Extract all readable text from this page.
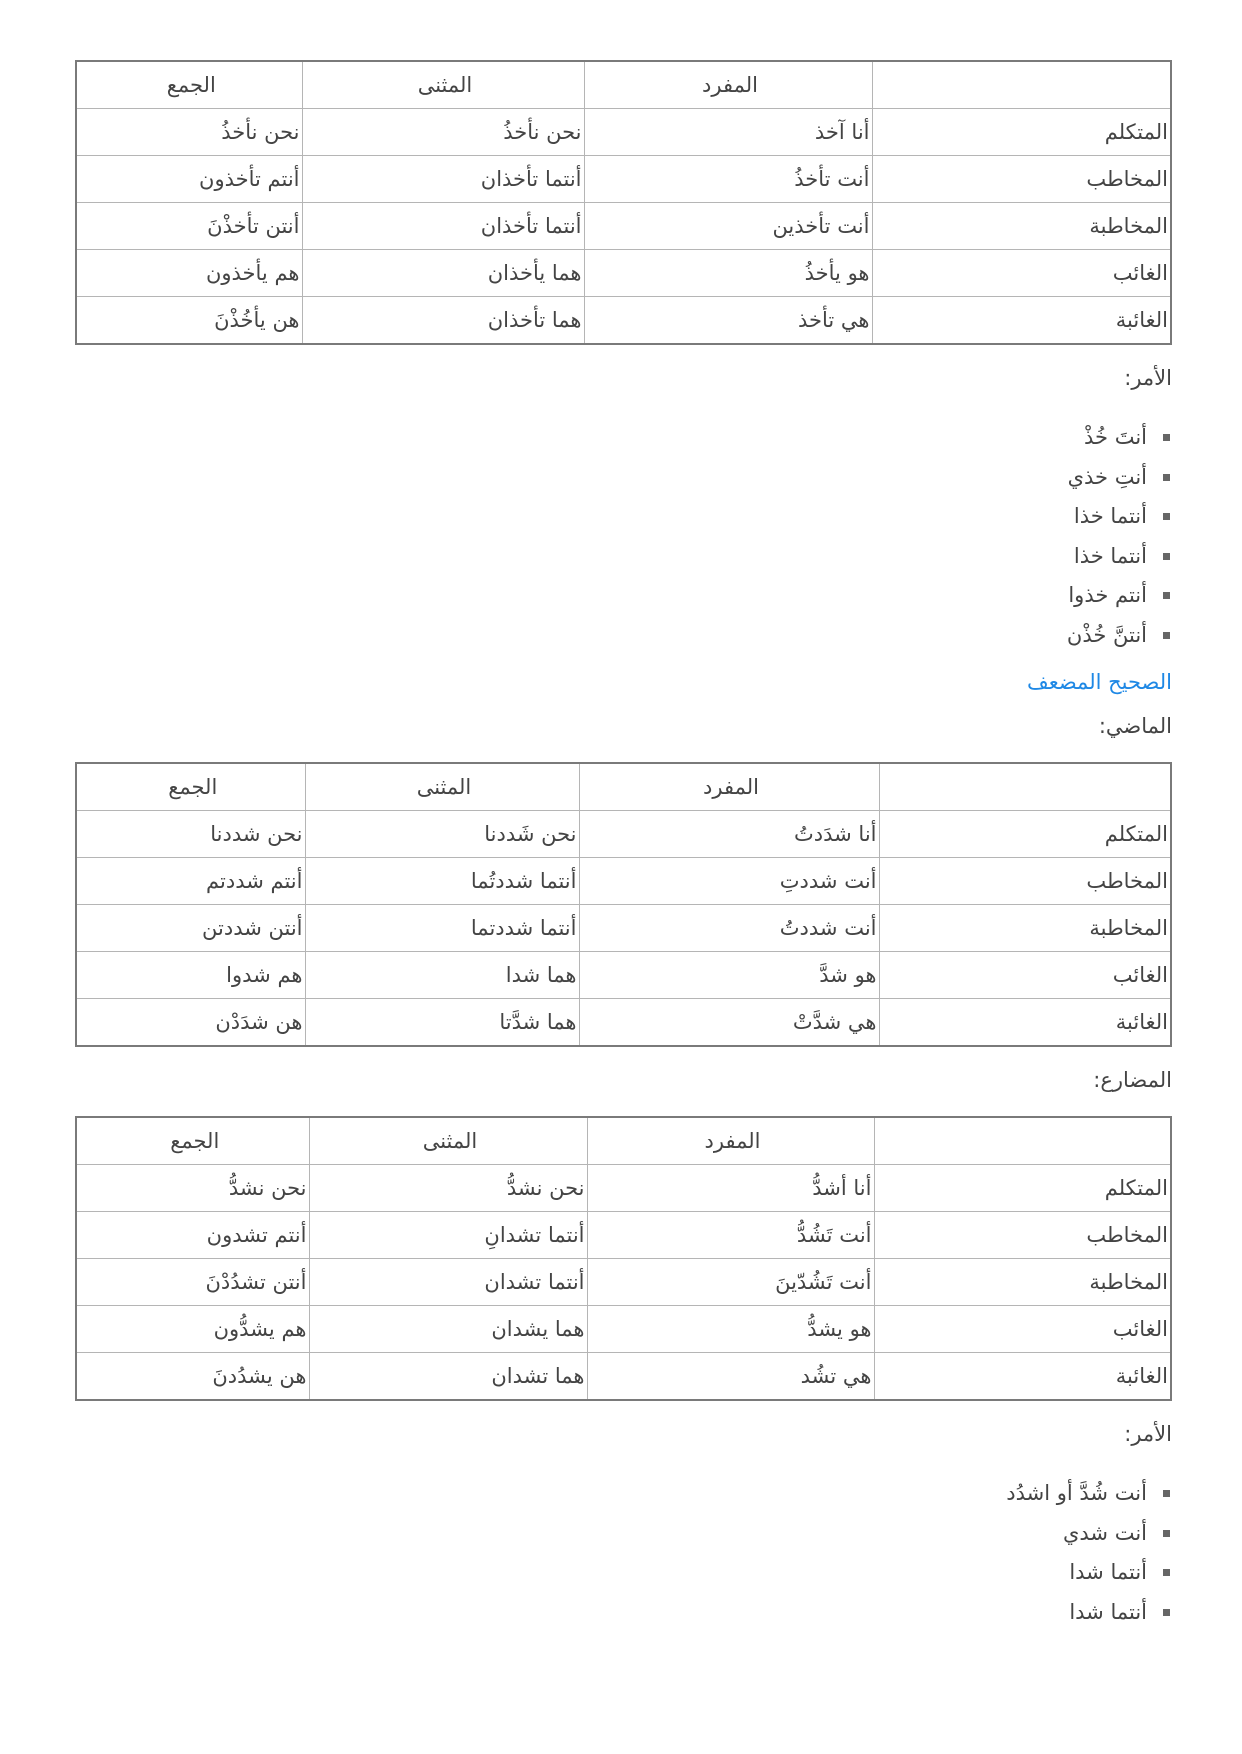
	المفرد	المثنى	الجمع
المتكلم	أنا آخذ	نحن نأخذُ	نحن نأخذُ
المخاطب	أنت تأخذُ	أنتما تأخذان	أنتم تأخذون
المخاطبة	أنت تأخذين	أنتما تأخذان	أنتن تأخذْنَ
الغائب	هو يأخذُ	هما يأخذان	هم يأخذون
الغائبة	هي تأخذ	هما تأخذان	هن يأخُذْنَ
الأمر:
أنتَ خُذْ
أنتِ خذي
أنتما خذا
أنتما خذا
أنتم خذوا
أنتنَّ خُذْن
الصحيح المضعف
الماضي:
	المفرد	المثنى	الجمع
المتكلم	أنا شدَدتُ	نحن شَددنا	نحن شددنا
المخاطب	أنت شددتِ	أنتما شددتُما	أنتم شددتم
المخاطبة	أنت شددتُ	أنتما شددتما	أنتن شددتن
الغائب	هو شدَّ	هما شدا	هم شدوا
الغائبة	هي شدَّتْ	هما شدَّتا	هن شدَدْن
المضارع:
	المفرد	المثنى	الجمع
المتكلم	أنا أشدُّ	نحن نشدُّ	نحن نشدُّ
المخاطب	أنت تَشُدُّ	أنتما تشدانِ	أنتم تشدون
المخاطبة	أنت تَشُدّينَ	أنتما تشدان	أنتن تشدُدْنَ
الغائب	هو يشدُّ	هما يشدان	هم يشدُّون
الغائبة	هي تشُد	هما تشدان	هن يشدُدنَ
الأمر:
أنت شُدَّ أو اشدُد
أنت شدي
أنتما شدا
أنتما شدا
